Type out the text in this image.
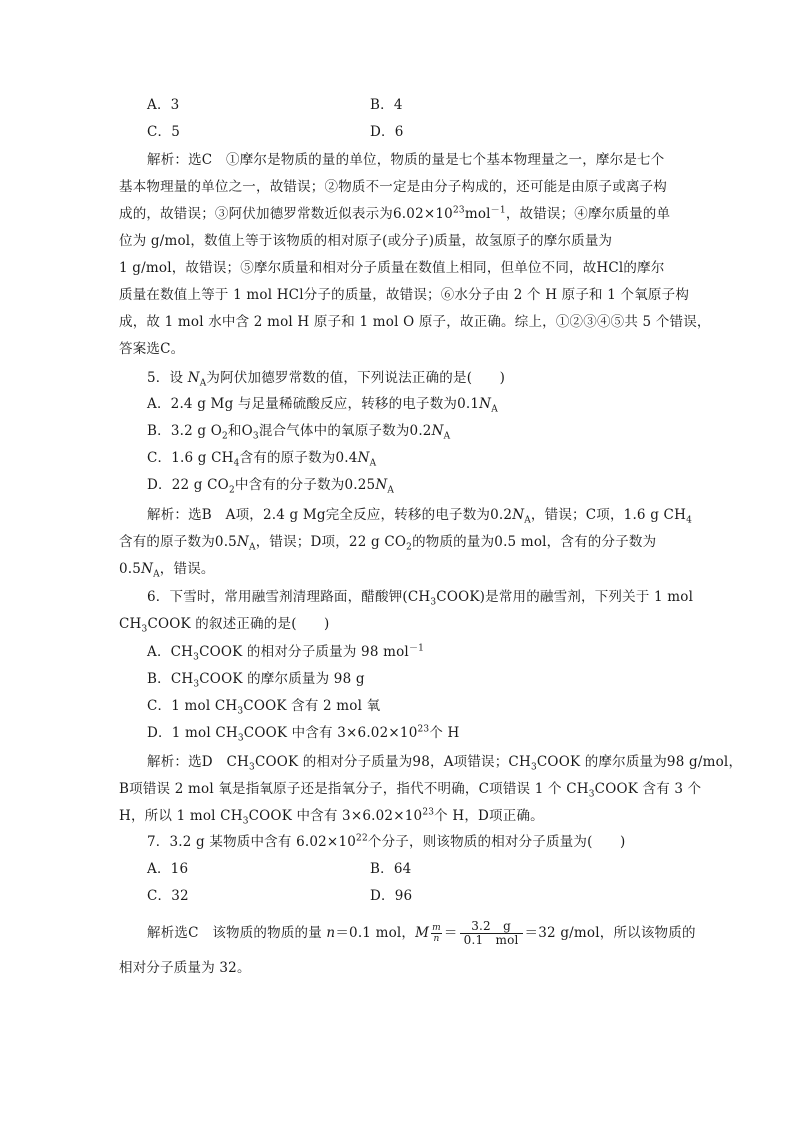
A．3	B．4
C．5	D．6
解析：选C　①摩尔是物质的量的单位，物质的量是七个基本物理量之一，摩尔是七个
基本物理量的单位之一，故错误；②物质不一定是由分子构成的，还可能是由原子或离子构
成的，故错误；③阿伏加德罗常数近似表示为$6.02\times 10^{23}mol^{-1}$，故错误；④摩尔质量的单
位为 g/mol，数值上等于该物质的相对原子(或分子)质量，故氢原子的摩尔质量为
1 g/mol，故错误；⑤摩尔质量和相对分子质量在数值上相同，但单位不同，故HCl的摩尔
质量在数值上等于 1 mol HCl分子的质量，故错误；⑥水分子由 2 个 H 原子和 1 个氧原子构
成，故 1 mol 水中含 2 mol H 原子和 1 mol O 原子，故正确。综上，①②③④⑤共 5 个错误，
答案选C。
5．设 $N_A$为阿伏加德罗常数的值，下列说法正确的是(　　)
A．2.4 g Mg 与足量稀硫酸反应，转移的电子数为$0.1N_A$
B．3.2 g $O_2$和$O_3$混合气体中的氧原子数为$0.2N_A$
C．1.6 g $CH_4$含有的原子数为$0.4N_A$
D．22 g $CO_2$中含有的分子数为$0.25N_A$
解析：选B　A项，2.4 g Mg完全反应，转移的电子数为$0.2N_A$，错误；C项，1.6 g $CH_4$
含有的原子数为$0.5N_A$，错误；D项，22 g $CO_2$的物质的量为0.5 mol，含有的分子数为
$0.5N_A$，错误。
6．下雪时，常用融雪剂清理路面，醋酸钾$(CH_3COOK)$是常用的融雪剂，下列关于 1 mol
$CH_3COOK$ 的叙述正确的是(　　)
A．$CH_3COOK$ 的相对分子质量为 98 mol$^{-1}$
B．$CH_3COOK$ 的摩尔质量为 98 g
C．1 mol $CH_3COOK$ 含有 2 mol 氧
D．1 mol $CH_3COOK$ 中含有 $3\times 6.02\times 10^{23}$个 H
解析：选D　$CH_3COOK$ 的相对分子质量为98，A项错误；$CH_3COOK$ 的摩尔质量为98 g/mol，
B项错误 2 mol 氧是指氧原子还是指氧分子，指代不明确，C项错误 1 个 $CH_3COOK$ 含有 3 个
H，所以 1 mol $CH_3COOK$ 中含有 $3\times 6.02\times 10^{23}$个 H，D项正确。
7．3.2 g 某物质中含有 $6.02\times 10^{22}$个分子，则该物质的相对分子质量为(　　)
A．16	B．64
C．32	D．96
解析选C　该物质的物质的量 n＝0.1 mol，M $\frac{m}{n} = \frac{3.2 g}{\text{0.1　mol}} =32$ g/mol，所以该物质的
相对分子质量为 32。
